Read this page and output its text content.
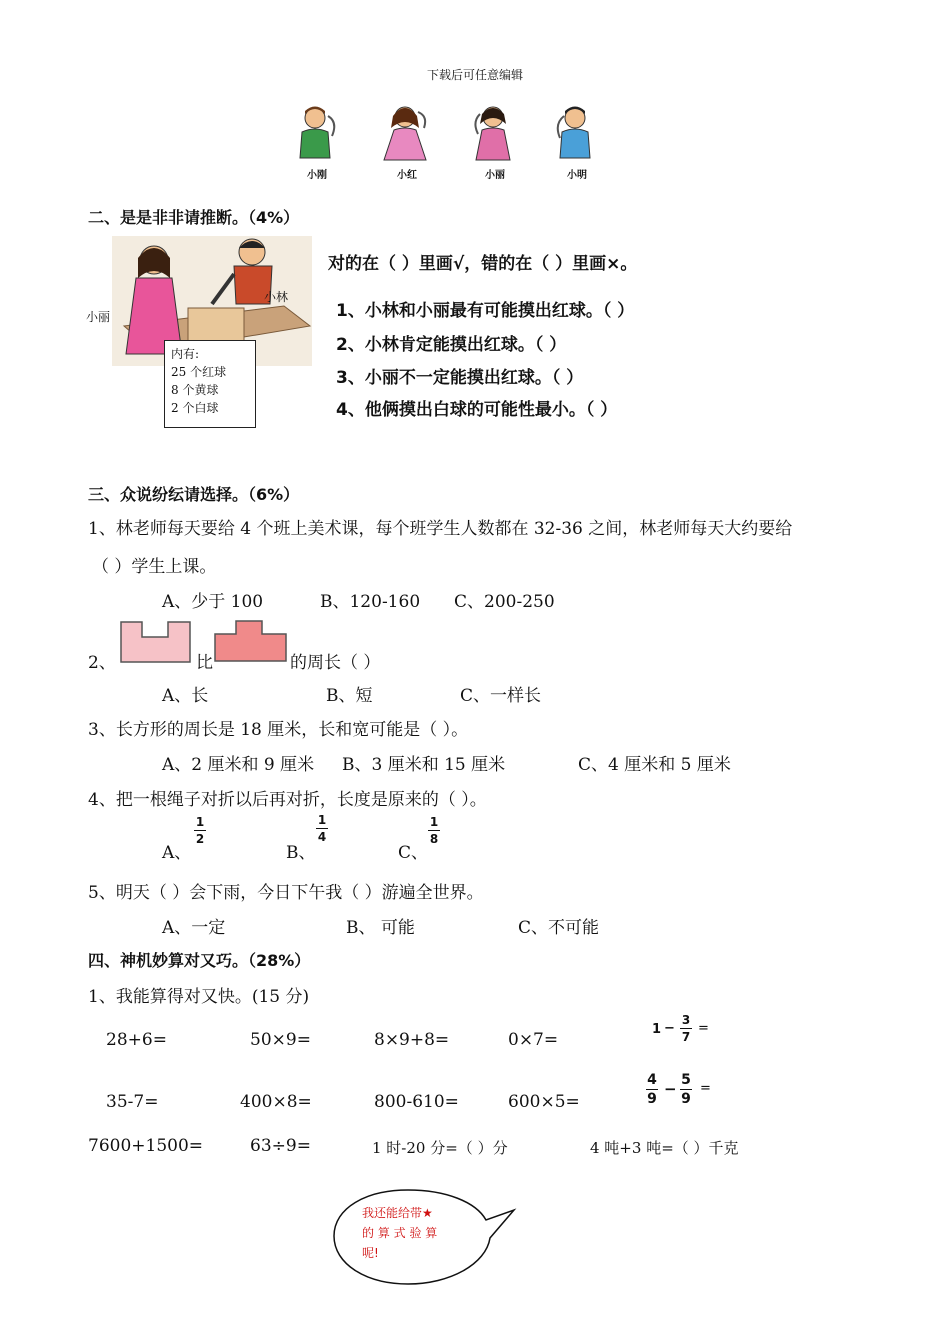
下载后可任意编辑
小刚	小红	小丽	小明
二、是是非非请推断。（4%）
小丽
小林
内有:
25 个红球
8 个黄球
2 个白球
对的在（ ）里画√，错的在（ ）里画×。
1、小林和小丽最有可能摸出红球。（ ）
2、小林肯定能摸出红球。（ ）
3、小丽不一定能摸出红球。（ ）
4、他俩摸出白球的可能性最小。（ ）
三、众说纷纭请选择。（6%）
1、林老师每天要给 4 个班上美术课，每个班学生人数都在 32-36 之间，林老师每天大约要给
（ ）学生上课。
A、少于 100	B、120-160 C、200-250
2、	比	的周长（ ）
A、长	B、短	C、一样长
3、长方形的周长是 18 厘米，长和宽可能是（ ）。
A、2 厘米和 9 厘米 B、3 厘米和 15 厘米	C、4 厘米和 5 厘米
4、把一根绳子对折以后再对折，长度是原来的（ ）。
A、
1
2
B、
1
4
C、
1
8
5、明天（ ）会下雨，今日下午我（ ）游遍全世界。
A、一定	B、 可能	C、不可能
四、神机妙算对又巧。（28%）
1、我能算得对又快。(15 分)
28+6=	50×9=	8×9+8=	0×7=
1 −
3
7
=
35-7=	400×8=	800-610=	600×5=
4
9
− 5
9
=
7600+1500=	63÷9=	1 时-20 分=（ ）分	4 吨+3 吨=（ ）千克
我还能给带★
的 算 式 验 算
呢!
